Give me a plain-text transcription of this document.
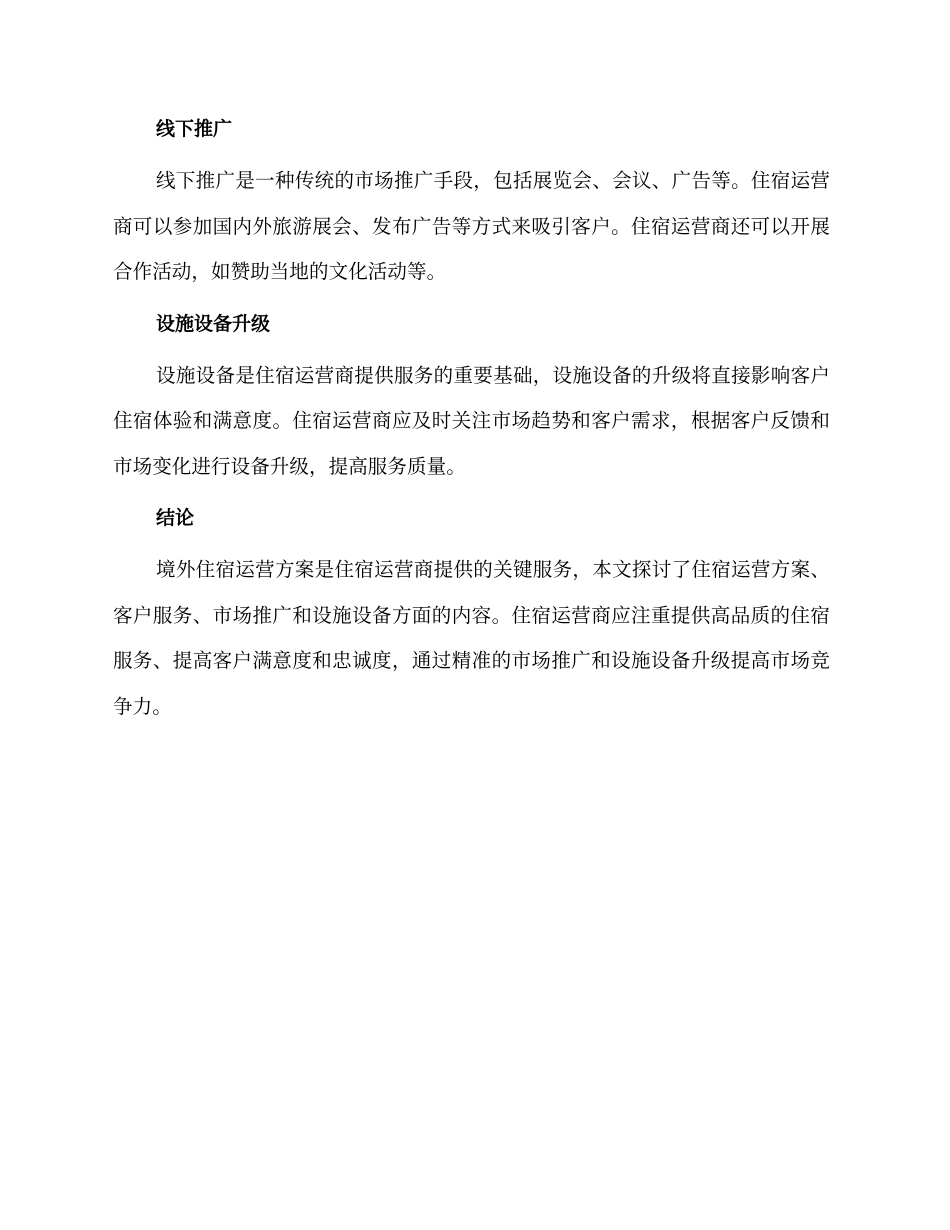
线下推广

线下推广是一种传统的市场推广手段，包括展览会、会议、广告等。住宿运营商可以参加国内外旅游展会、发布广告等方式来吸引客户。住宿运营商还可以开展合作活动，如赞助当地的文化活动等。

设施设备升级

设施设备是住宿运营商提供服务的重要基础，设施设备的升级将直接影响客户住宿体验和满意度。住宿运营商应及时关注市场趋势和客户需求，根据客户反馈和市场变化进行设备升级，提高服务质量。

结论

境外住宿运营方案是住宿运营商提供的关键服务，本文探讨了住宿运营方案、客户服务、市场推广和设施设备方面的内容。住宿运营商应注重提供高品质的住宿服务、提高客户满意度和忠诚度，通过精准的市场推广和设施设备升级提高市场竞争力。
